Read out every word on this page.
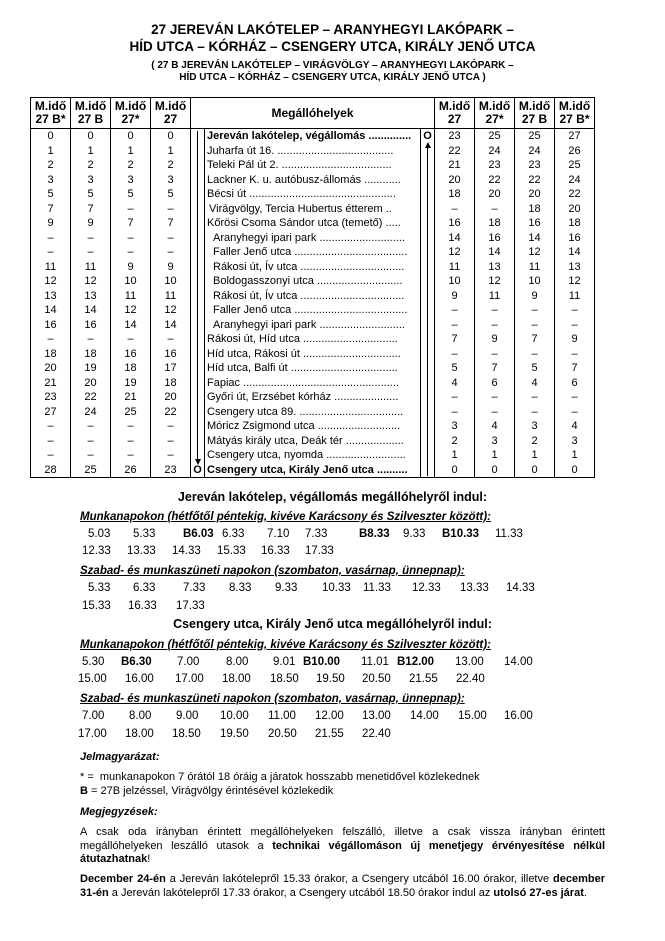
27 JEREVÁN LAKÓTELEP – ARANYHEGYI LAKÓPARK –
HÍD UTCA – KÓRHÁZ – CSENGERY UTCA, KIRÁLY JENŐ UTCA
( 27 B JEREVÁN LAKÓTELEP – VIRÁGVÖLGY – ARANYHEGYI LAKÓPARK –
HÍD UTCA – KÓRHÁZ – CSENGERY UTCA, KIRÁLY JENŐ UTCA )
M.idő
27 B*	M.idő
27 B	M.idő
27*	M.idő
27	Megállóhelyek			M.idő
27	M.idő
27*	M.idő
27 B	M.idő
27 B*
0	0	0	0		Jereván lakótelep, végállomás ..............	O	23	25	25	27
1	1	1	1		Juharfa út 16. ......................................		22	24	24	26
2	2	2	2		Teleki Pál út 2. ....................................		21	23	23	25
3	3	3	3		Lackner K. u. autóbusz-állomás ............		20	22	22	24
5	5	5	5		Bécsi út ................................................		18	20	20	22
7	7	–	–		Virágvölgy, Tercia Hubertus étterem ..		–	–	18	20
9	9	7	7		Kőrösi Csoma Sándor utca (temető) .....		16	18	16	18
–	–	–	–		Aranyhegyi ipari park ............................		14	16	14	16
–	–	–	–		Faller Jenő utca .....................................		12	14	12	14
11	11	9	9		Rákosi út, Ív utca ..................................		11	13	11	13
12	12	10	10		Boldogasszonyi utca ............................		10	12	10	12
13	13	11	11		Rákosi út, Ív utca ..................................		9	11	9	11
14	14	12	12		Faller Jenő utca .....................................		–	–	–	–
16	16	14	14		Aranyhegyi ipari park ............................		–	–	–	–
–	–	–	–		Rákosi út, Híd utca ...............................		7	9	7	9
18	18	16	16		Híd utca, Rákosi út ................................		–	–	–	–
20	19	18	17		Híd utca, Balfi út ...................................		5	7	5	7
21	20	19	18		Fapiac ...................................................		4	6	4	6
23	22	21	20		Győri út, Erzsébet kórház .....................		–	–	–	–
27	24	25	22		Csengery utca 89. ..................................		–	–	–	–
–	–	–	–		Móricz Zsigmond utca ...........................		3	4	3	4
–	–	–	–		Mátyás király utca, Deák tér ...................		2	3	2	3
–	–	–	–		Csengery utca, nyomda ..........................		1	1	1	1
28	25	26	23	O	Csengery utca, Király Jenő utca ..........		0	0	0	0
Jereván lakótelep, végállomás megállóhelyről indul:
Munkanapokon (hétfőtől péntekig, kivéve Karácsony és Szilveszter között):
5.03 5.33 B6.03 6.33 7.10 7.33	B8.33 9.33 B10.33 11.33
12.33 13.33 14.33 15.33 16.33 17.33
Szabad- és munkaszüneti napokon (szombaton, vasárnap, ünnepnap):
5.33 6.33 7.33 8.33 9.33 10.33 11.33 12.33 13.33 14.33
15.33 16.33 17.33
Csengery utca, Király Jenő utca megállóhelyről indul:
Munkanapokon (hétfőtől péntekig, kivéve Karácsony és Szilveszter között):
5.30 B6.30 7.00 8.00 9.01 B10.00 11.01 B12.00 13.00 14.00
15.00 16.00 17.00 18.00 18.50 19.50 20.50 21.55 22.40
Szabad- és munkaszüneti napokon (szombaton, vasárnap, ünnepnap):
7.00 8.00 9.00 10.00 11.00 12.00 13.00 14.00 15.00 16.00
17.00 18.00 18.50 19.50 20.50 21.55 22.40
Jelmagyarázat:
* = munkanapokon 7 órától 18 óráig a járatok hosszabb menetidővel közlekednek
B = 27B jelzéssel, Virágvölgy érintésével közlekedik
Megjegyzések:
A csak oda irányban érintett megállóhelyeken felszálló, illetve a csak vissza irányban érintett megállóhelyeken leszálló utasok a technikai végállomáson új menetjegy érvényesítése nélkül átutazhatnak!
December 24-én a Jereván lakótelepről 15.33 órakor, a Csengery utcából 16.00 órakor, illetve december 31-én a Jereván lakótelepről 17.33 órakor, a Csengery utcából 18.50 órakor indul az utolsó 27-es járat.
